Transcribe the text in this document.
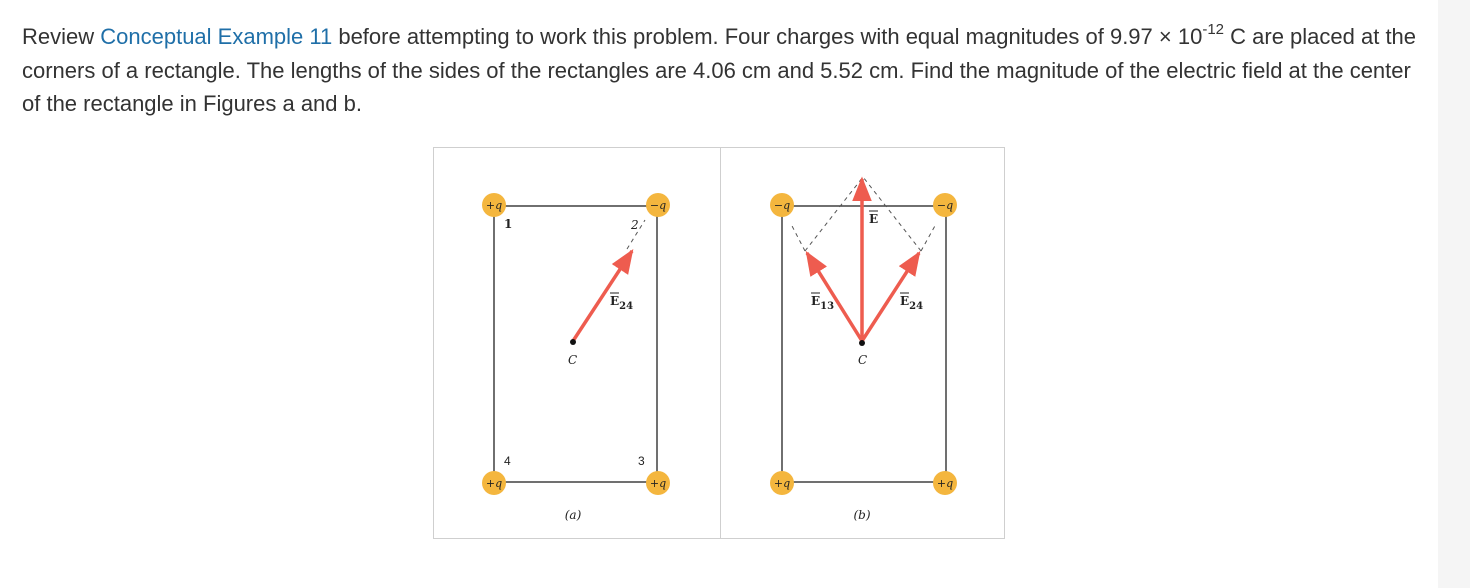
Review Conceptual Example 11 before attempting to work this problem. Four charges with equal magnitudes of $9.97 \times 10^{-12}$ C are placed at the corners of a rectangle. The lengths of the sides of the rectangles are 4.06 cm and 5.52 cm. Find the magnitude of the electric field at the center of the rectangle in Figures a and b.
C
$E_{24}$
1	2
3
4
+q	−q
+q	+q
(a)
C
$E_{13}$	$E_{24}$
E
−q	−q
+q	+q
(b)
